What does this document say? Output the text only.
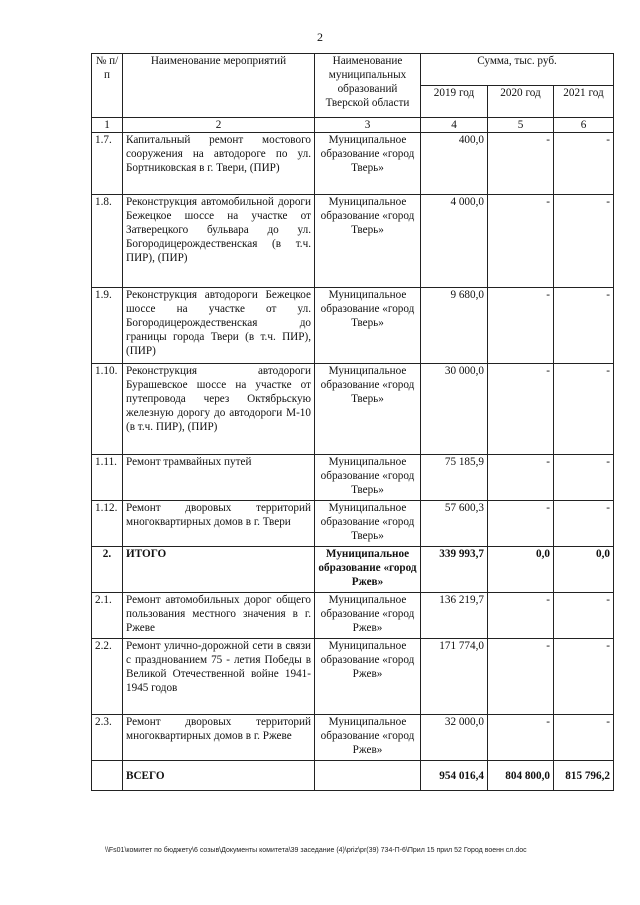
2
№ п/п	Наименование мероприятий	Наименование муниципальных образований Тверской области	Сумма, тыс. руб.		
			2019 год	2020 год	2021 год
1	2	3	4	5	6
1.7.	Капитальный ремонт мостового сооружения на автодороге по ул. Бортниковская в г. Твери, (ПИР)	Муниципальное образование «город Тверь»	400,0	-	-
1.8.	Реконструкция автомобильной дороги Бежецкое шоссе на участке от Затверецкого бульвара до ул. Богородицерождественская (в т.ч. ПИР), (ПИР)	Муниципальное образование «город Тверь»	4 000,0	-	-
1.9.	Реконструкция автодороги Бежецкое шоссе на участке от ул. Богородицерождественская до границы города Твери (в т.ч. ПИР), (ПИР)	Муниципальное образование «город Тверь»	9 680,0	-	-
1.10.	Реконструкция автодороги Бурашевское шоссе на участке от путепровода через Октябрьскую железную дорогу до автодороги М-10 (в т.ч. ПИР), (ПИР)	Муниципальное образование «город Тверь»	30 000,0	-	-
1.11.	Ремонт трамвайных путей	Муниципальное образование «город Тверь»	75 185,9	-	-
1.12.	Ремонт дворовых территорий многоквартирных домов в г. Твери	Муниципальное образование «город Тверь»	57 600,3	-	-
2.	ИТОГО	Муниципальное образование «город Ржев»	339 993,7	0,0	0,0
2.1.	Ремонт автомобильных дорог общего пользования местного значения в г. Ржеве	Муниципальное образование «город Ржев»	136 219,7	-	-
2.2.	Ремонт улично-дорожной сети в связи с празднованием 75 - летия Победы в Великой Отечественной войне 1941-1945 годов	Муниципальное образование «город Ржев»	171 774,0	-	-
2.3.	Ремонт дворовых территорий многоквартирных домов в г. Ржеве	Муниципальное образование «город Ржев»	32 000,0	-	-
	ВСЕГО		954 016,4	804 800,0	815 796,2
\\Fs01\комитет по бюджету\6 созыв\Документы комитета\39 заседание (4)\priz\pr(39) 734-П-6\Прил 15 прил 52 Город военн сл.doc
